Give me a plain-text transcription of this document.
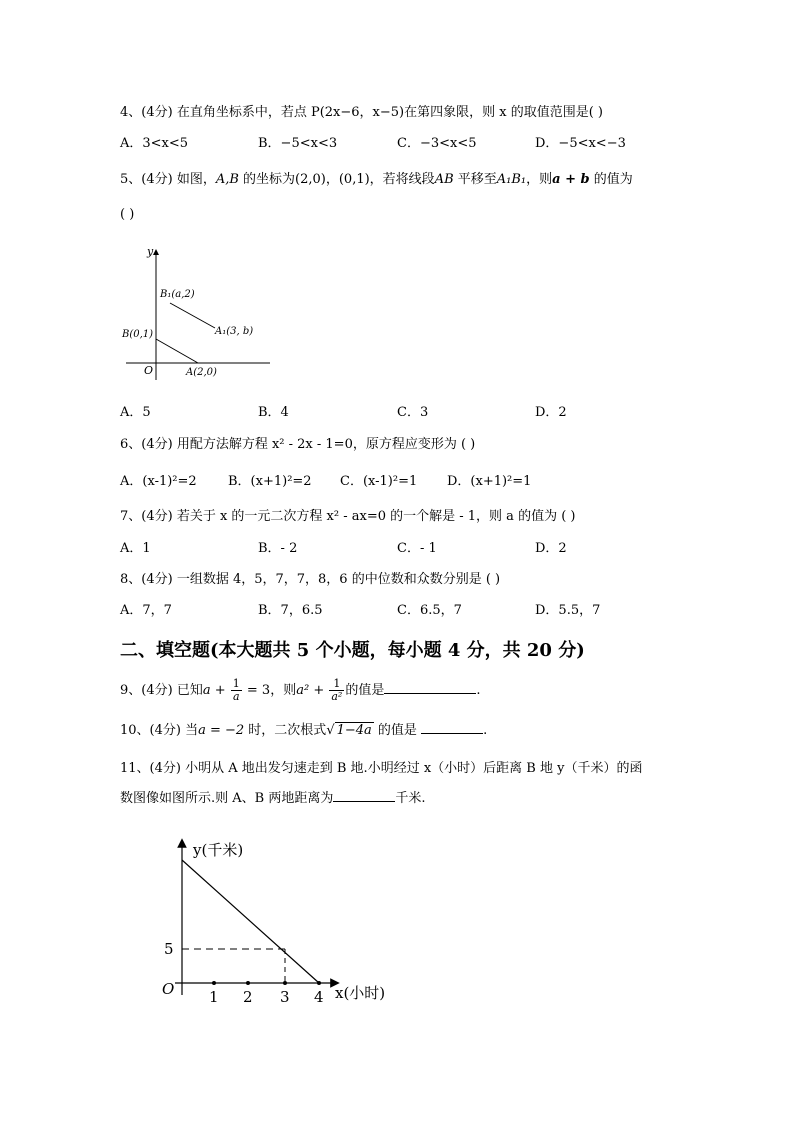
4、(4分) 在直角坐标系中，若点 P(2x−6，x−5)在第四象限，则 x 的取值范围是( )
A．3<x<5	B．−5<x<3	C．−3<x<5	D．−5<x<−3
5、(4分) 如图，A,B 的坐标为(2,0)，(0,1)，若将线段AB 平移至A₁B₁，则a + b 的值为
( )
y
O
B₁(a,2)
A₁(3, b)
B(0,1)
A(2,0)
A．5	B．4	C．3	D．2
6、(4分) 用配方法解方程 x² - 2x - 1=0，原方程应变形为 ( )
A．(x-1)²=2 B．(x+1)²=2 C．(x-1)²=1 D．(x+1)²=1
7、(4分) 若关于 x 的一元二次方程 x² - ax=0 的一个解是 - 1，则 a 的值为 ( )
A．1	B．- 2	C．- 1	D．2
8、(4分) 一组数据 4，5，7，7，8，6 的中位数和众数分别是 ( )
A．7，7	B．7，6.5	C．6.5，7	D．5.5，7
二、填空题(本大题共 5 个小题，每小题 4 分，共 20 分)
9、(4分) 已知$a + \frac{1}{a} = 3$，则$a^2 + \frac{1}{\text{a²}}$ 的值是	.
10、(4分) 当a = −2 时，二次根式√ 1−4a 的值是	.
11、(4分) 小明从 A 地出发匀速走到 B 地.小明经过 x（小时）后距离 B 地 y（千米）的函
数图像如图所示.则 A、B 两地距离为	千米.
y(千米)
x(小时)
O
5
1 2 3 4
